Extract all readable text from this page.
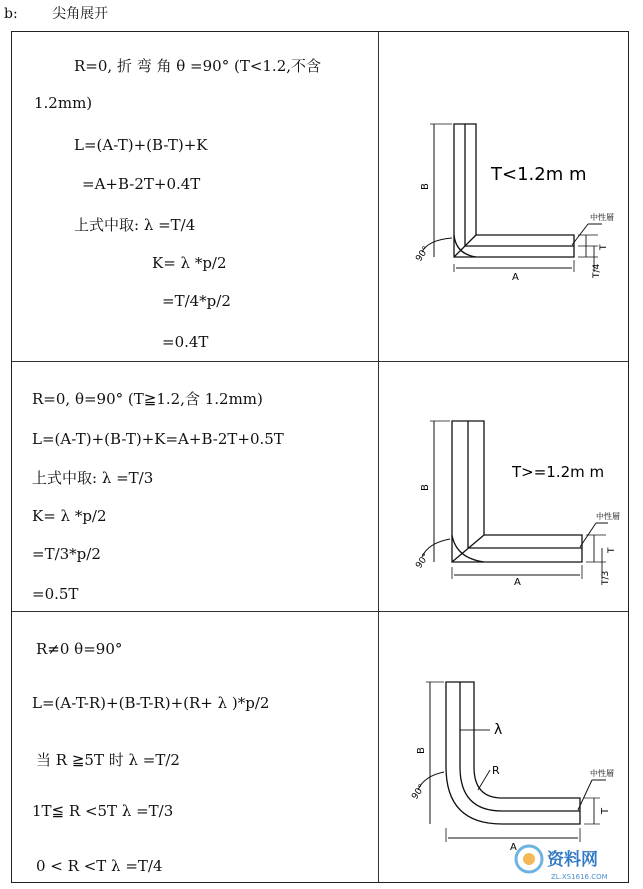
b: 尖角展开
R=0, 折 弯 角 θ =90° (T<1.2,不含
1.2mm)
L=(A-T)+(B-T)+K
=A+B-2T+0.4T
上式中取: λ =T/4
K= λ *p/2
=T/4*p/2
=0.4T
T<1.2m m
B
A
T
T/4
90°
中性層
R=0, θ=90° (T≧1.2,含 1.2mm)
L=(A-T)+(B-T)+K=A+B-2T+0.5T
上式中取: λ =T/3
K= λ *p/2
=T/3*p/2
=0.5T
T>=1.2m m
B
A
T
T/3
90°
中性層
R≠0 θ=90°
L=(A-T-R)+(B-T-R)+(R+ λ )*p/2
当 R ≧5T 时 λ =T/2
1T≦ R <5T λ =T/3
0 < R <T λ =T/4
λ
R
B
A
T
90°
中性層
资料网
ZL.XS1616.COM
